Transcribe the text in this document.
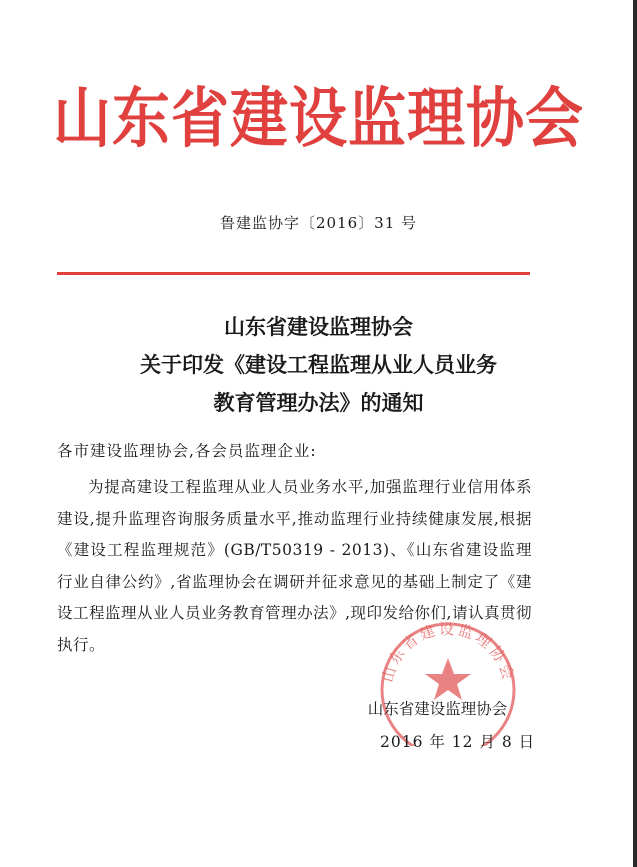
山东省建设监理协会
鲁建监协字〔2016〕31 号
山东省建设监理协会
关于印发《建设工程监理从业人员业务
教育管理办法》的通知
各市建设监理协会,各会员监理企业:
为提高建设工程监理从业人员业务水平,加强监理行业信用体系建设,提升监理咨询服务质量水平,推动监理行业持续健康发展,根据《建设工程监理规范》(GB/T50319 - 2013)、《山东省建设监理行业自律公约》,省监理协会在调研并征求意见的基础上制定了《建设工程监理从业人员业务教育管理办法》,现印发给你们,请认真贯彻执行。
山东省建设监理协会
山东省建设监理协会
2016 年 12 月 8 日
